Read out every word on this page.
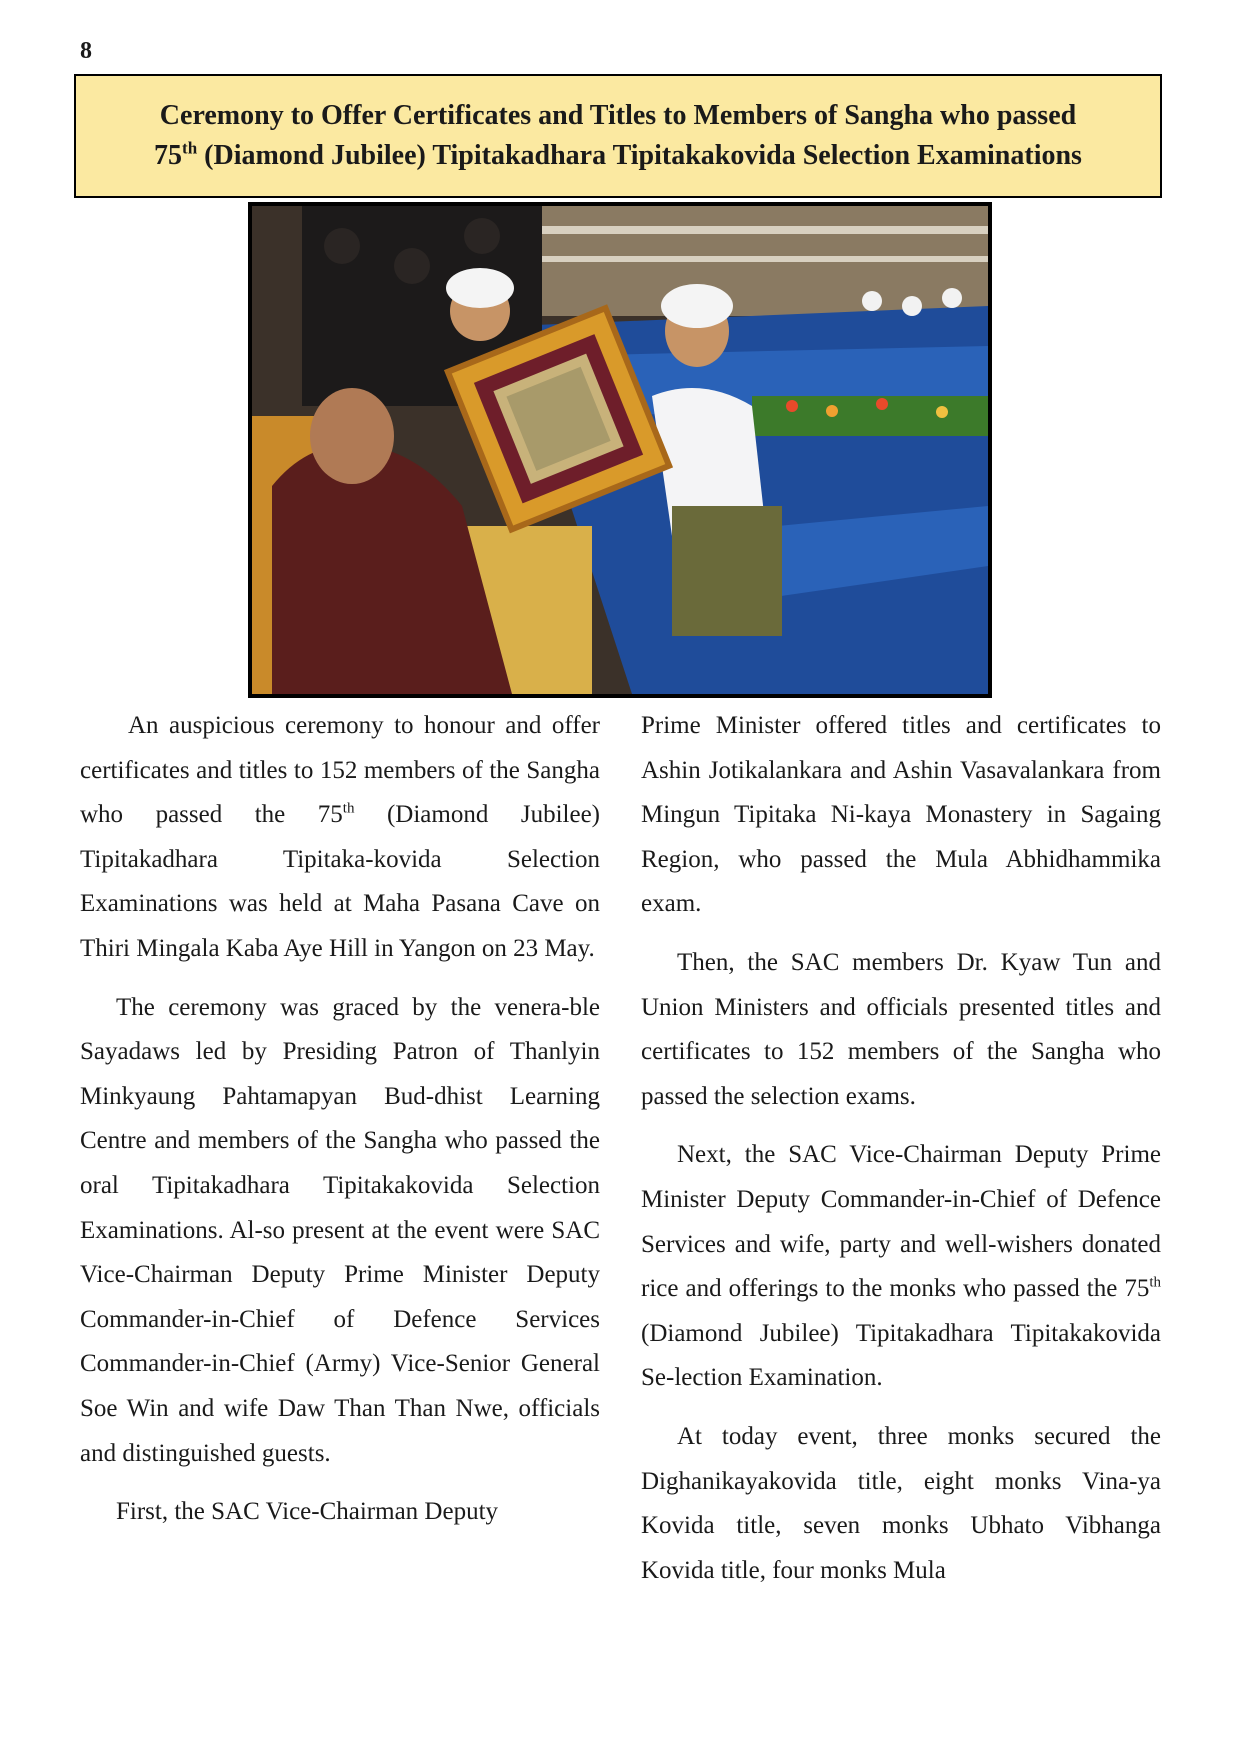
8
Ceremony to Offer Certificates and Titles to Members of Sangha who passed
75th (Diamond Jubilee) Tipitakadhara Tipitakakovida Selection Examinations

An auspicious ceremony to honour and offer certificates and titles to 152 members of the Sangha who passed the 75th (Diamond Jubilee) Tipitakadhara Tipitaka-kovida Selection Examinations was held at Maha Pasana Cave on Thiri Mingala Kaba Aye Hill in Yangon on 23 May.

The ceremony was graced by the venera-ble Sayadaws led by Presiding Patron of Thanlyin Minkyaung Pahtamapyan Bud-dhist Learning Centre and members of the Sangha who passed the oral Tipitakadhara Tipitakakovida Selection Examinations. Al-so present at the event were SAC Vice-Chairman Deputy Prime Minister Deputy Commander-in-Chief of Defence Services Commander-in-Chief (Army) Vice-Senior General Soe Win and wife Daw Than Than Nwe, officials and distinguished guests.

First, the SAC Vice-Chairman Deputy

Prime Minister offered titles and certificates to Ashin Jotikalankara and Ashin Vasavalankara from Mingun Tipitaka Ni-kaya Monastery in Sagaing Region, who passed the Mula Abhidhammika exam.

Then, the SAC members Dr. Kyaw Tun and Union Ministers and officials presented titles and certificates to 152 members of the Sangha who passed the selection exams.

Next, the SAC Vice-Chairman Deputy Prime Minister Deputy Commander-in-Chief of Defence Services and wife, party and well-wishers donated rice and offerings to the monks who passed the 75th (Diamond Jubilee) Tipitakadhara Tipitakakovida Se-lection Examination.

At today event, three monks secured the Dighanikayakovida title, eight monks Vina-ya Kovida title, seven monks Ubhato Vibhanga Kovida title, four monks Mula
